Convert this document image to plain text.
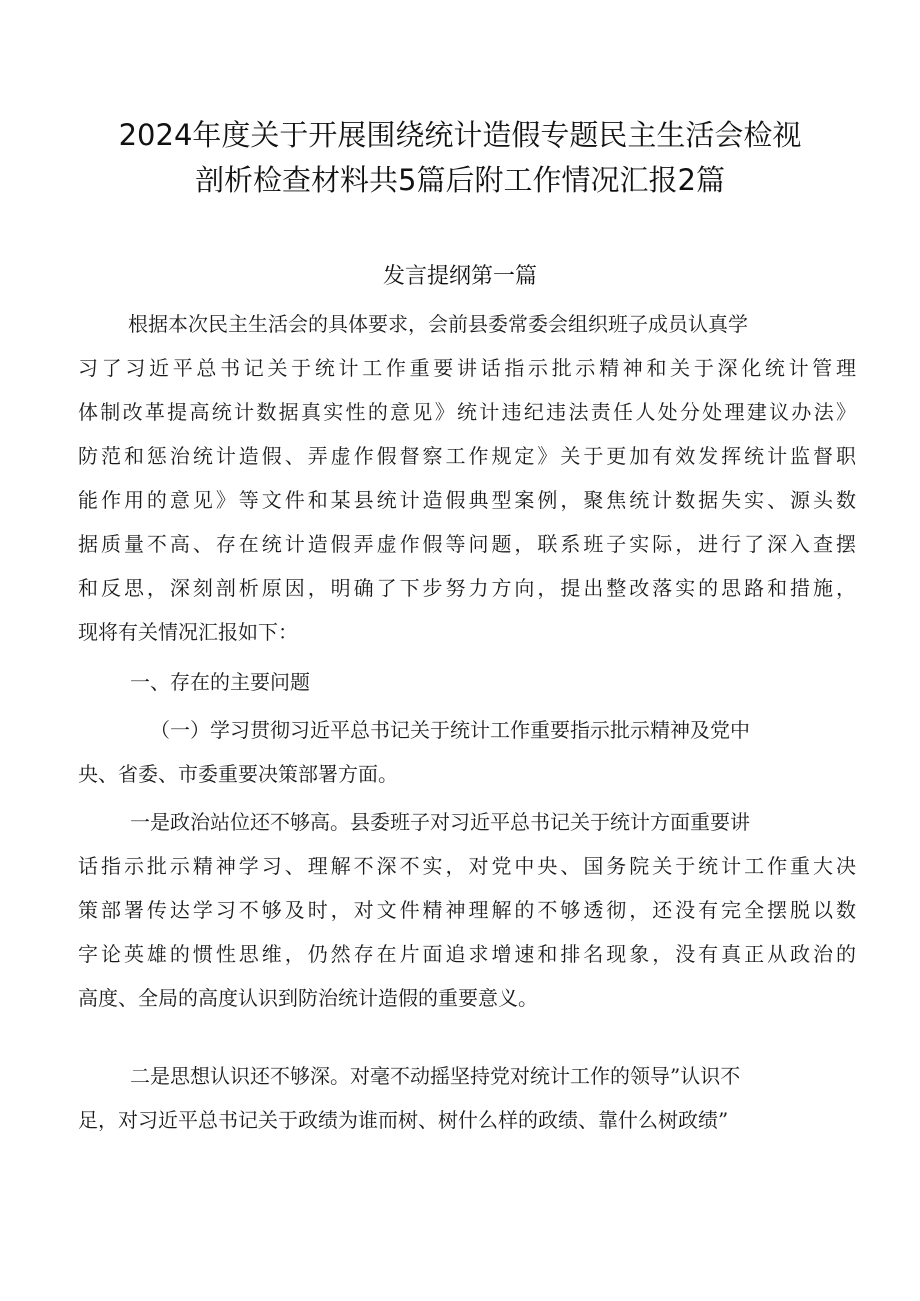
2024年度关于开展围绕统计造假专题民主生活会检视
剖析检查材料共5篇后附工作情况汇报2篇
发言提纲第一篇
根据本次民主生活会的具体要求，会前县委常委会组织班子成员认真学
习了习近平总书记关于统计工作重要讲话指示批示精神和关于深化统计管理
体制改革提高统计数据真实性的意见》统计违纪违法责任人处分处理建议办法》
防范和惩治统计造假、弄虚作假督察工作规定》关于更加有效发挥统计监督职
能作用的意见》等文件和某县统计造假典型案例，聚焦统计数据失实、源头数
据质量不高、存在统计造假弄虚作假等问题，联系班子实际，进行了深入查摆
和反思，深刻剖析原因，明确了下步努力方向，提出整改落实的思路和措施，
现将有关情况汇报如下：
一、存在的主要问题
（一）学习贯彻习近平总书记关于统计工作重要指示批示精神及党中
央、省委、市委重要决策部署方面。
一是政治站位还不够高。县委班子对习近平总书记关于统计方面重要讲
话指示批示精神学习、理解不深不实，对党中央、国务院关于统计工作重大决
策部署传达学习不够及时，对文件精神理解的不够透彻，还没有完全摆脱以数
字论英雄的惯性思维，仍然存在片面追求增速和排名现象，没有真正从政治的
高度、全局的高度认识到防治统计造假的重要意义。
二是思想认识还不够深。对毫不动摇坚持党对统计工作的领导”认识不
足，对习近平总书记关于政绩为谁而树、树什么样的政绩、靠什么树政绩”
